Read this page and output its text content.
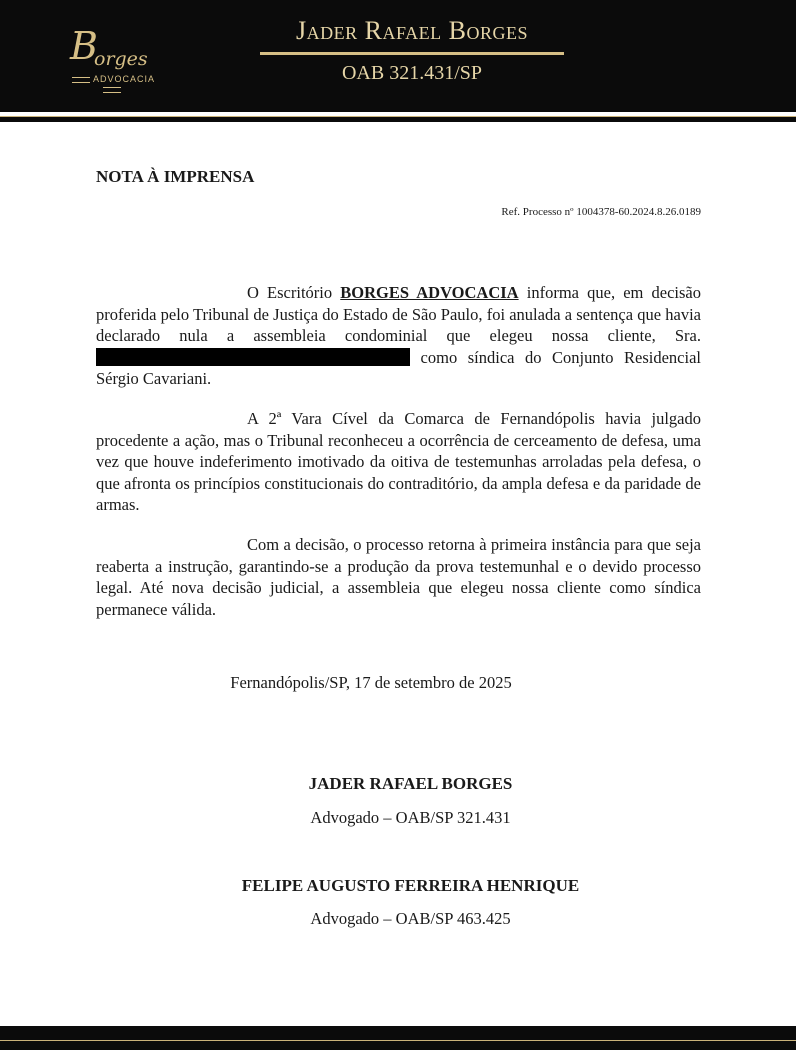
B
orges
ADVOCACIA
Jader Rafael Borges
OAB 321.431/SP

NOTA À IMPRENSA

Ref. Processo nº 1004378-60.2024.8.26.0189

O Escritório BORGES ADVOCACIA informa que, em decisão proferida pelo Tribunal de Justiça do Estado de São Paulo, foi anulada a sentença que havia declarado nula a assembleia condominial que elegeu nossa cliente, Sra. como síndica do Conjunto Residencial Sérgio Cavariani.

A 2ª Vara Cível da Comarca de Fernandópolis havia julgado procedente a ação, mas o Tribunal reconheceu a ocorrência de cerceamento de defesa, uma vez que houve indeferimento imotivado da oitiva de testemunhas arroladas pela defesa, o que afronta os princípios constitucionais do contraditório, da ampla defesa e da paridade de armas.

Com a decisão, o processo retorna à primeira instância para que seja reaberta a instrução, garantindo-se a produção da prova testemunhal e o devido processo legal. Até nova decisão judicial, a assembleia que elegeu nossa cliente como síndica permanece válida.

Fernandópolis/SP, 17 de setembro de 2025

JADER RAFAEL BORGES

Advogado – OAB/SP 321.431

FELIPE AUGUSTO FERREIRA HENRIQUE

Advogado – OAB/SP 463.425
